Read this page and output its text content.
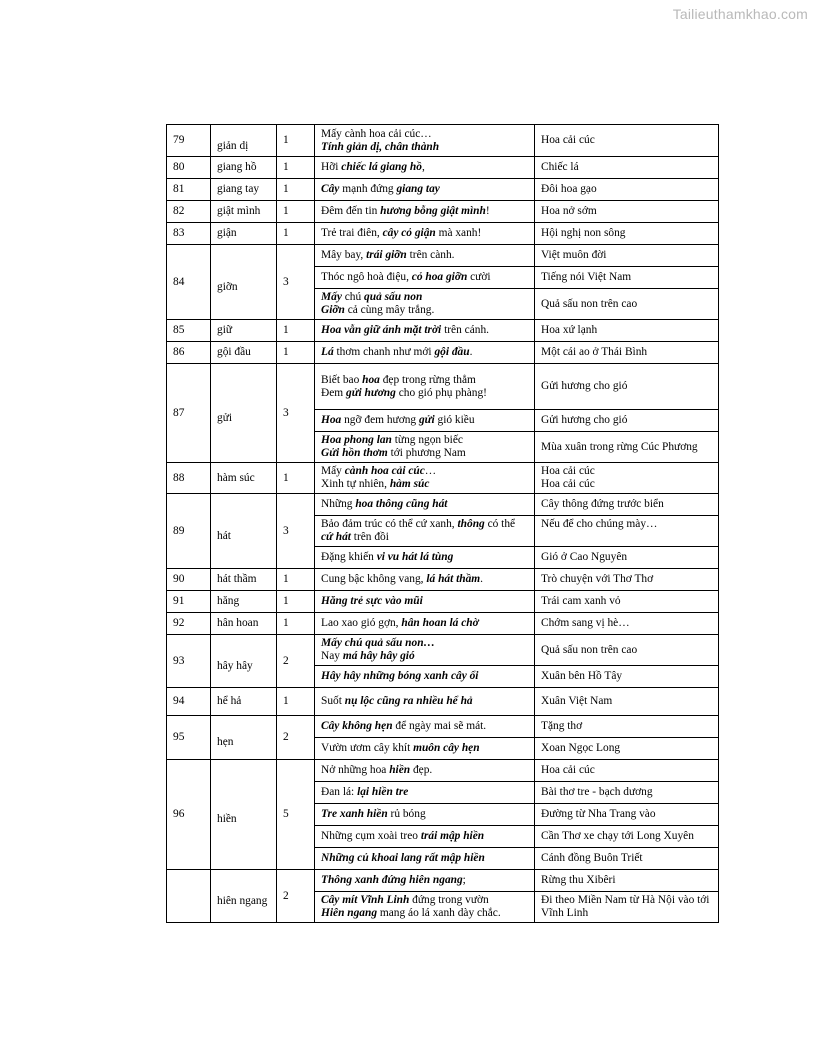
Tailieuthamkhao.com
79	giản dị	1	Mấy cành hoa cải cúc…
Tính giản dị, chân thành	Hoa cải cúc

80	giang hồ	1	Hỡi chiếc lá giang hồ,	Chiếc lá

81	giang tay	1	Cây mạnh đứng giang tay	Đôi hoa gạo

82	giật mình	1	Đêm đến tin hương bỗng giật mình!	Hoa nở sớm

83	giận	1	Trẻ trai điên, cây cỏ giận mà xanh!	Hội nghị non sông

84	giỡn	3	Mây bay, trái giỡn trên cành.	Việt muôn đời

			Thóc ngô hoà điệu, cỏ hoa giỡn cười	Tiếng nói Việt Nam

			Mấy chú quả sấu non
Giỡn cả cùng mây trắng.	Quả sấu non trên cao

85	giữ	1	Hoa vẫn giữ ánh mặt trời trên cánh.	Hoa xứ lạnh

86	gội đầu	1	Lá thơm chanh như mới gội đầu.	Một cái ao ở Thái Bình

87	gửi	3	Biết bao hoa đẹp trong rừng thẳm
Đem gửi hương cho gió phụ phàng!	Gửi hương cho gió

			Hoa ngỡ đem hương gửi gió kiều	Gửi hương cho gió

			Hoa phong lan từng ngọn biếc
Gửi hồn thơm tới phương Nam	Mùa xuân trong rừng Cúc Phương

88	hàm súc	1	Mấy cành hoa cải cúc…
Xinh tự nhiên, hàm súc	Hoa cải cúc
Hoa cải cúc

89	hát	3	Những hoa thông cũng hát	Cây thông đứng trước biển

			Bảo đảm trúc có thể cứ xanh, thông có thể cứ hát trên đồi	Nếu để cho chúng mày…

			Đặng khiến vi vu hát lá tùng	Gió ở Cao Nguyên

90	hát thầm	1	Cung bậc không vang, lá hát thầm.	Trò chuyện với Thơ Thơ

91	hăng	1	Hăng trẻ sực vào mũi	Trái cam xanh vỏ

92	hân hoan	1	Lao xao gió gợn, hân hoan lá chờ	Chớm sang vị hè…

93	hây hây	2	Mấy chú quả sấu non…
Nay má hây hây gió	Quả sấu non trên cao

			Hây hây những bóng xanh cây ổi	Xuân bên Hồ Tây

94	hể hả	1	Suốt nụ lộc cũng ra nhiều hể hả	Xuân Việt Nam

95	hẹn	2	Cây không hẹn để ngày mai sẽ mát.	Tặng thơ

			Vườn ươm cây khít muôn cây hẹn	Xoan Ngọc Long

96	hiền	5	Nở những hoa hiền đẹp.	Hoa cải cúc

			Đan lá: lại hiền tre	Bài thơ tre - bạch dương

			Tre xanh hiền rủ bóng	Đường từ Nha Trang vào

			Những cụm xoài treo trái mập hiền	Cần Thơ xe chạy tới Long Xuyên

			Những củ khoai lang rất mập hiền	Cánh đồng Buôn Triết

	hiên ngang	2	Thông xanh đứng hiên ngang;	Rừng thu Xibêri

			Cây mít Vĩnh Linh đứng trong vườn
Hiên ngang mang áo lá xanh dày chắc.	Đi theo Miền Nam từ Hà Nội vào tới Vĩnh Linh
